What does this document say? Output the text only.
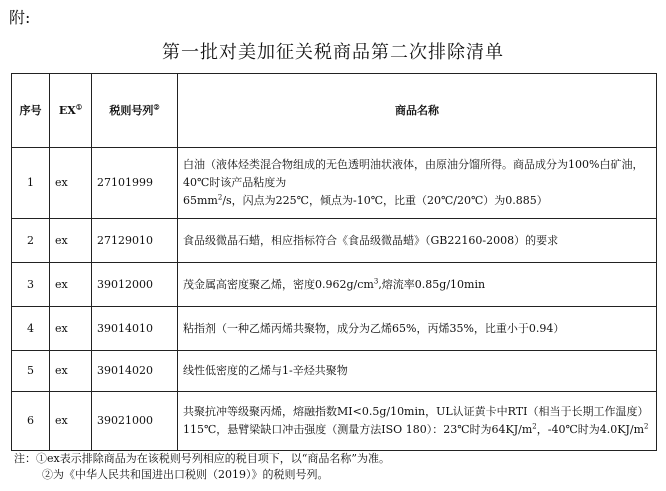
附:
第一批对美加征关税商品第二次排除清单
序号	EX①	税则号列②	商品名称
1	ex	27101999	白油（液体烃类混合物组成的无色透明油状液体，由原油分馏所得。商品成分为100%白矿油，40℃时该产品粘度为$65mm^2/s$，闪点为225℃，倾点为-10℃，比重（20℃/20℃）为0.885）
2	ex	27129010	食品级微晶石蜡，相应指标符合《食品级微晶蜡》（GB22160-2008）的要求
3	ex	39012000	茂金属高密度聚乙烯，密度$0.962g/cm^3$,熔流率0.85g/10min
4	ex	39014010	粘指剂（一种乙烯丙烯共聚物，成分为乙烯65%，丙烯35%，比重小于0.94）
5	ex	39014020	线性低密度的乙烯与1-辛烃共聚物
6	ex	39021000	共聚抗冲等级聚丙烯，熔融指数MI<0.5g/10min，UL认证黄卡中RTI（相当于长期工作温度）115℃，悬臂梁缺口冲击强度（测量方法ISO 180）：23℃时为$64KJ/m^2$，-40℃时为$4.0KJ/m^2$
注：①ex表示排除商品为在该税则号列相应的税目项下，以“商品名称”为准。
②为《中华人民共和国进出口税则（2019）》的税则号列。
